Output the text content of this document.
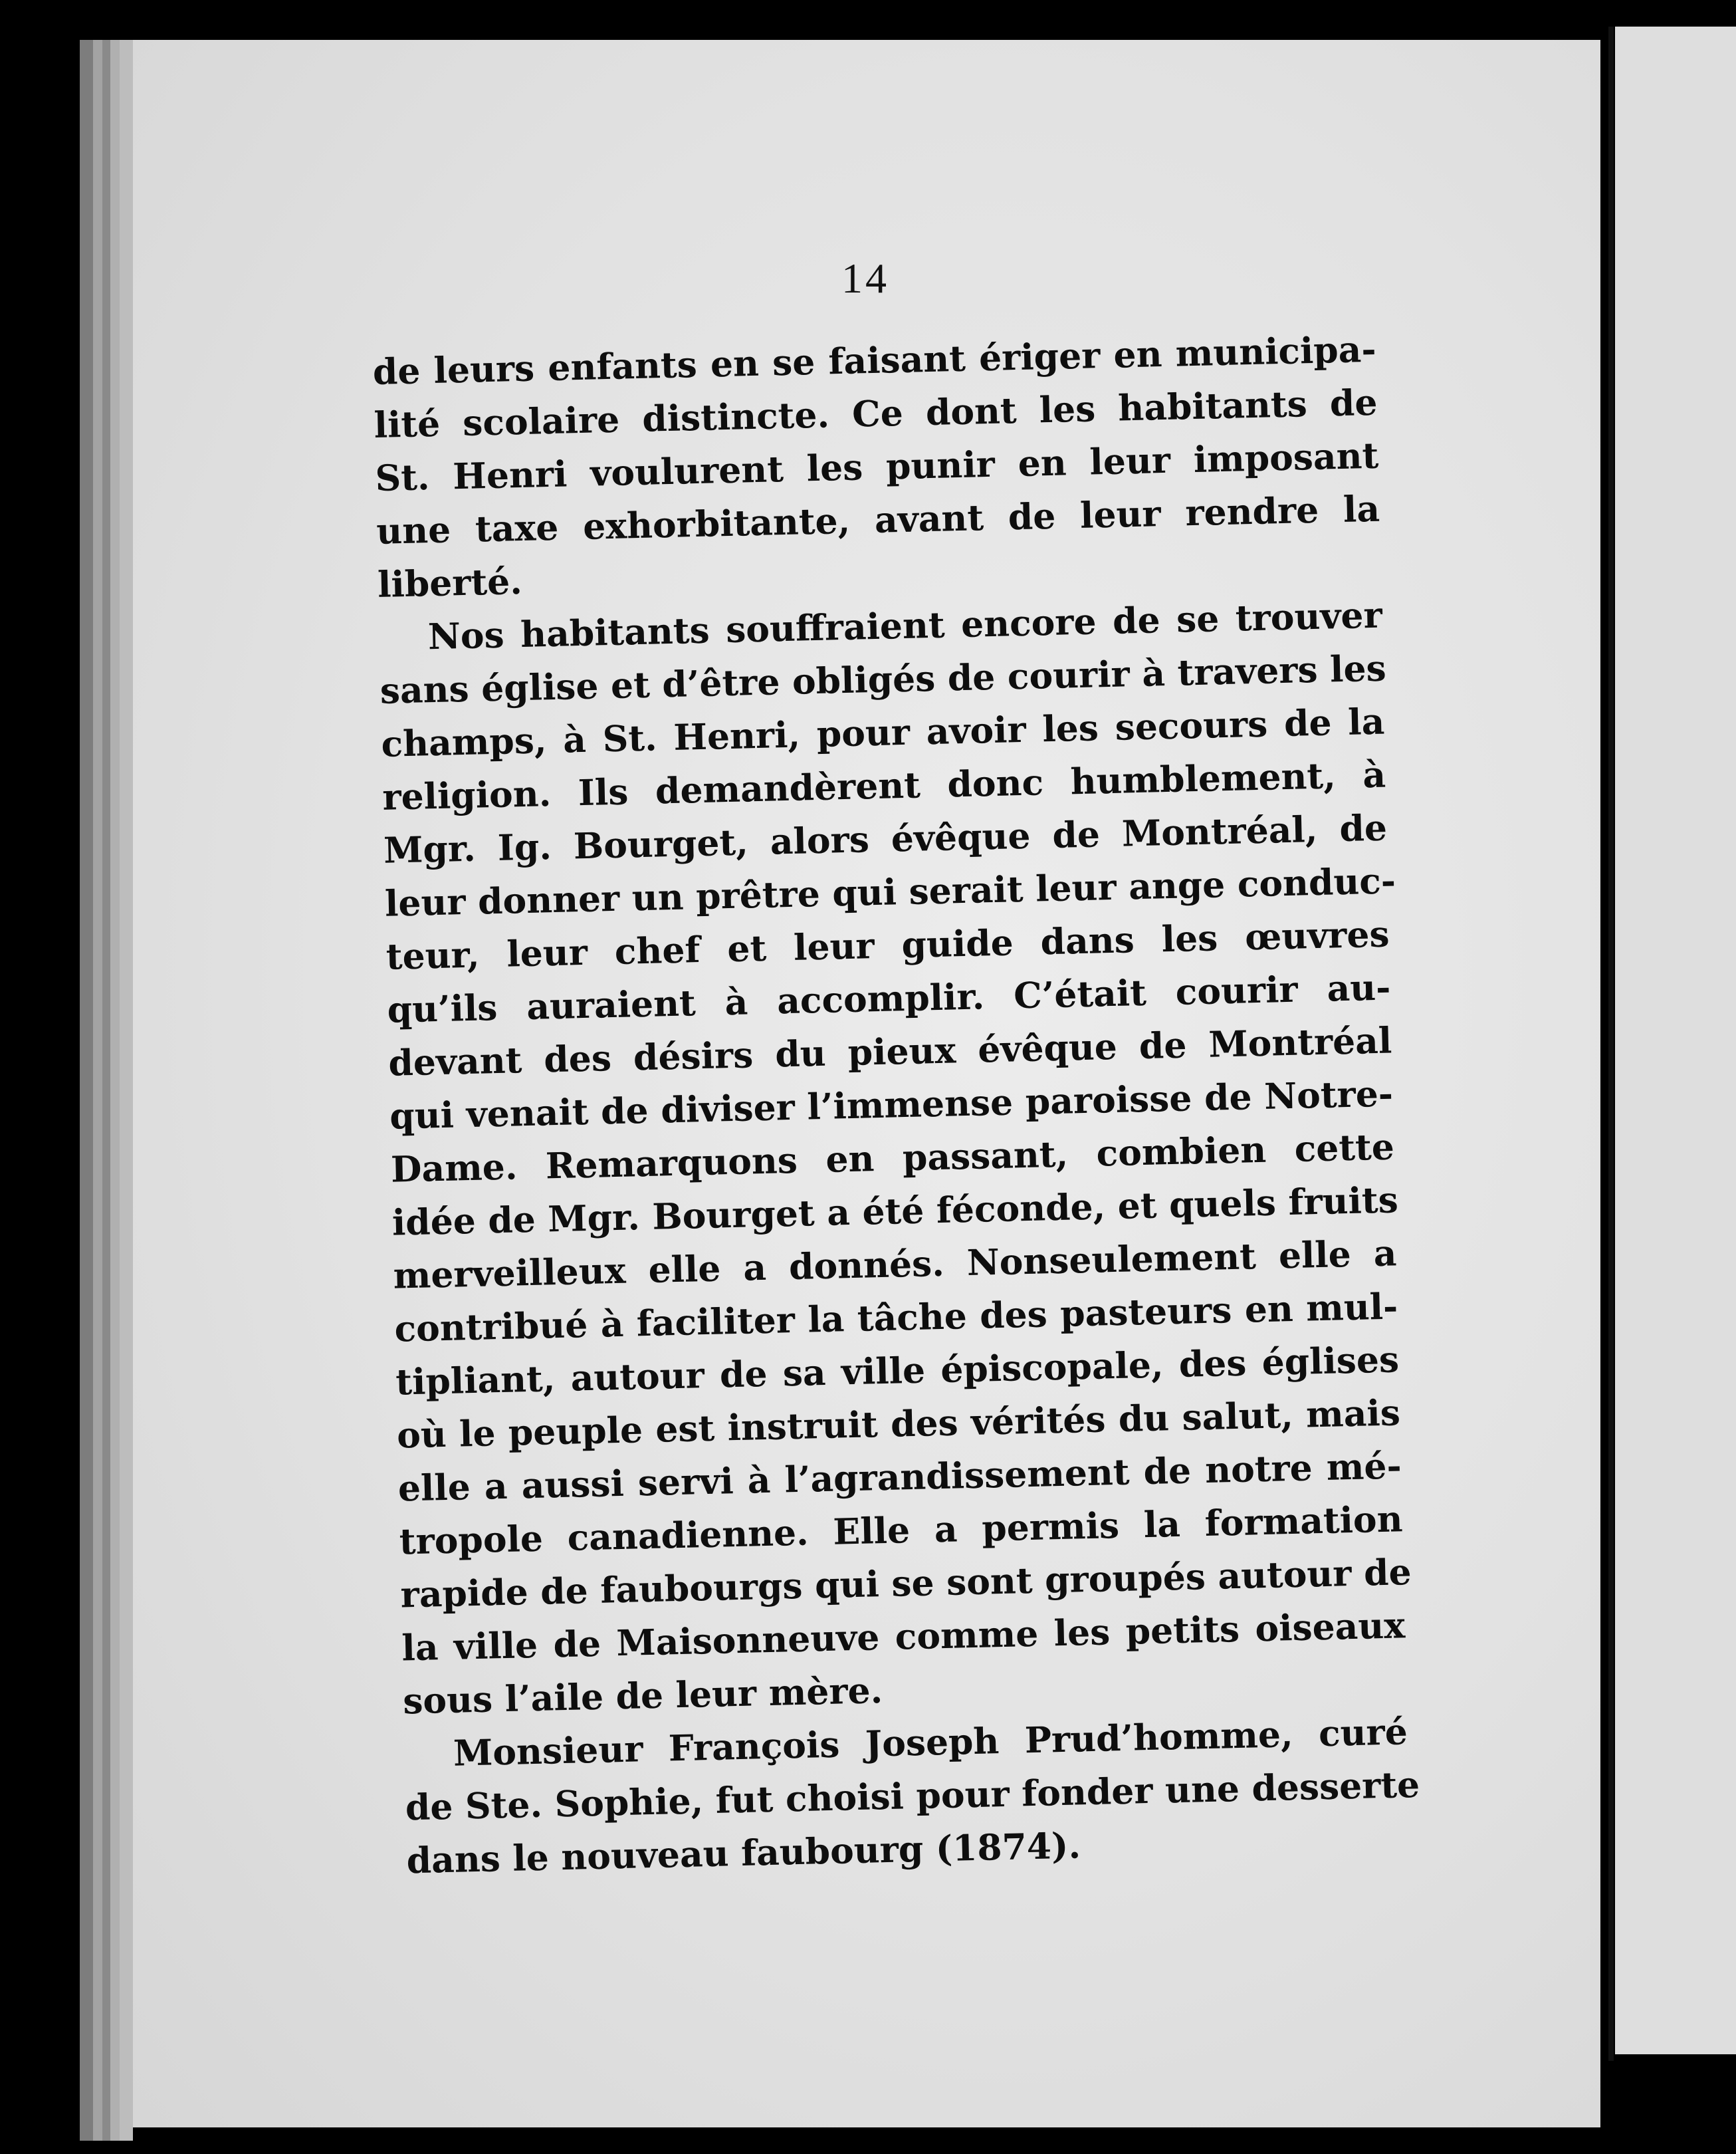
14
de leurs enfants en se faisant ériger en municipa-
lité scolaire distincte. Ce dont les habitants de
St. Henri voulurent les punir en leur imposant
une taxe exhorbitante, avant de leur rendre la
liberté.
Nos habitants souffraient encore de se trouver
sans église et d’être obligés de courir à travers les
champs, à St. Henri, pour avoir les secours de la
religion. Ils demandèrent donc humblement, à
Mgr. Ig. Bourget, alors évêque de Montréal, de
leur donner un prêtre qui serait leur ange conduc-
teur, leur chef et leur guide dans les œuvres
qu’ils auraient à accomplir. C’était courir au-
devant des désirs du pieux évêque de Montréal
qui venait de diviser l’immense paroisse de Notre-
Dame. Remarquons en passant, combien cette
idée de Mgr. Bourget a été féconde, et quels fruits
merveilleux elle a donnés. Nonseulement elle a
contribué à faciliter la tâche des pasteurs en mul-
tipliant, autour de sa ville épiscopale, des églises
où le peuple est instruit des vérités du salut, mais
elle a aussi servi à l’agrandissement de notre mé-
tropole canadienne. Elle a permis la formation
rapide de faubourgs qui se sont groupés autour de
la ville de Maisonneuve comme les petits oiseaux
sous l’aile de leur mère.
Monsieur François Joseph Prud’homme, curé
de Ste. Sophie, fut choisi pour fonder une desserte
dans le nouveau faubourg (1874).
